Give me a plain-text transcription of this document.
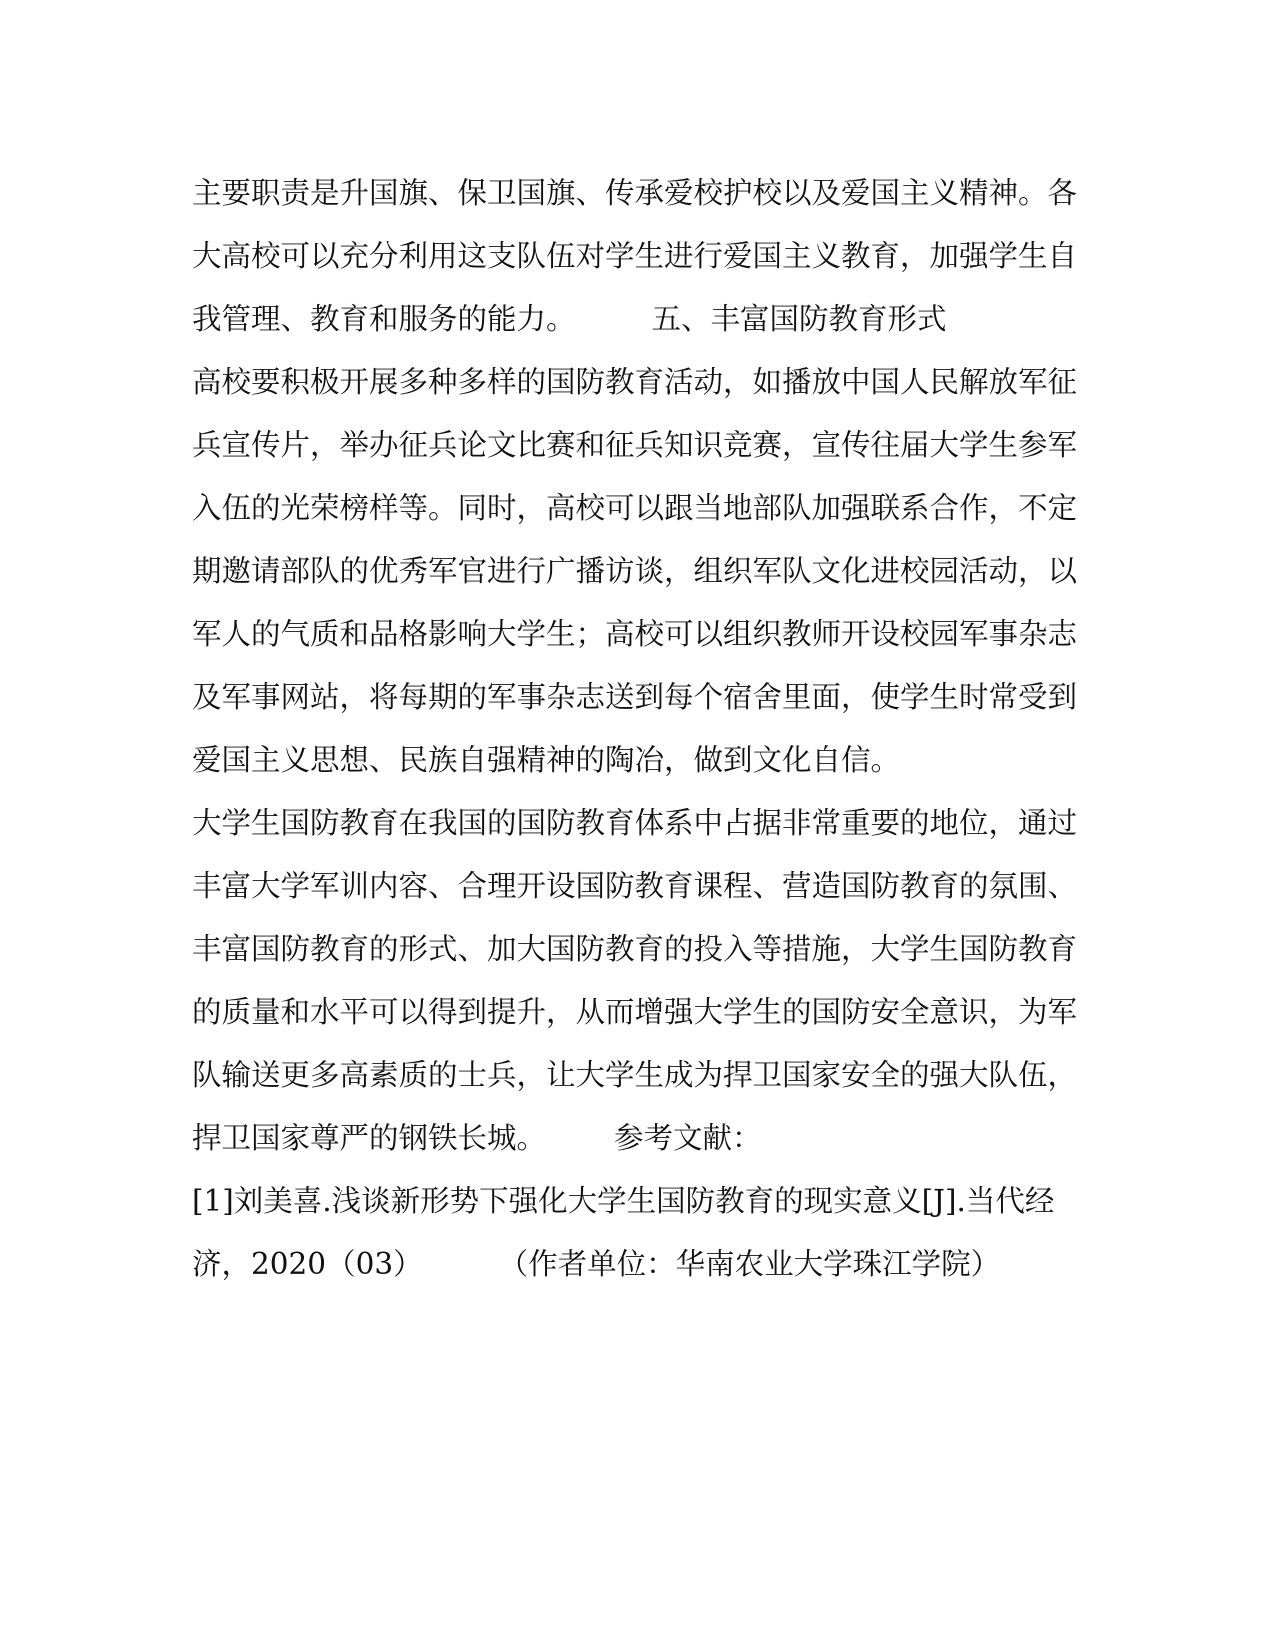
主要职责是升国旗、保卫国旗、传承爱校护校以及爱国主义精神。各
大高校可以充分利用这支队伍对学生进行爱国主义教育，加强学生自
我管理、教育和服务的能力。	五、丰富国防教育形式
高校要积极开展多种多样的国防教育活动，如播放中国人民解放军征
兵宣传片，举办征兵论文比赛和征兵知识竞赛，宣传往届大学生参军
入伍的光荣榜样等。同时，高校可以跟当地部队加强联系合作，不定
期邀请部队的优秀军官进行广播访谈，组织军队文化进校园活动，以
军人的气质和品格影响大学生；高校可以组织教师开设校园军事杂志
及军事网站，将每期的军事杂志送到每个宿舍里面，使学生时常受到
爱国主义思想、民族自强精神的陶冶，做到文化自信。
大学生国防教育在我国的国防教育体系中占据非常重要的地位，通过
丰富大学军训内容、合理开设国防教育课程、营造国防教育的氛围、
丰富国防教育的形式、加大国防教育的投入等措施，大学生国防教育
的质量和水平可以得到提升，从而增强大学生的国防安全意识，为军
队输送更多高素质的士兵，让大学生成为捍卫国家安全的强大队伍，
捍卫国家尊严的钢铁长城。 参考文献：
[1]刘美喜.浅谈新形势下强化大学生国防教育的现实意义[J].当代经
济，2020（03）	（作者单位：华南农业大学珠江学院）
